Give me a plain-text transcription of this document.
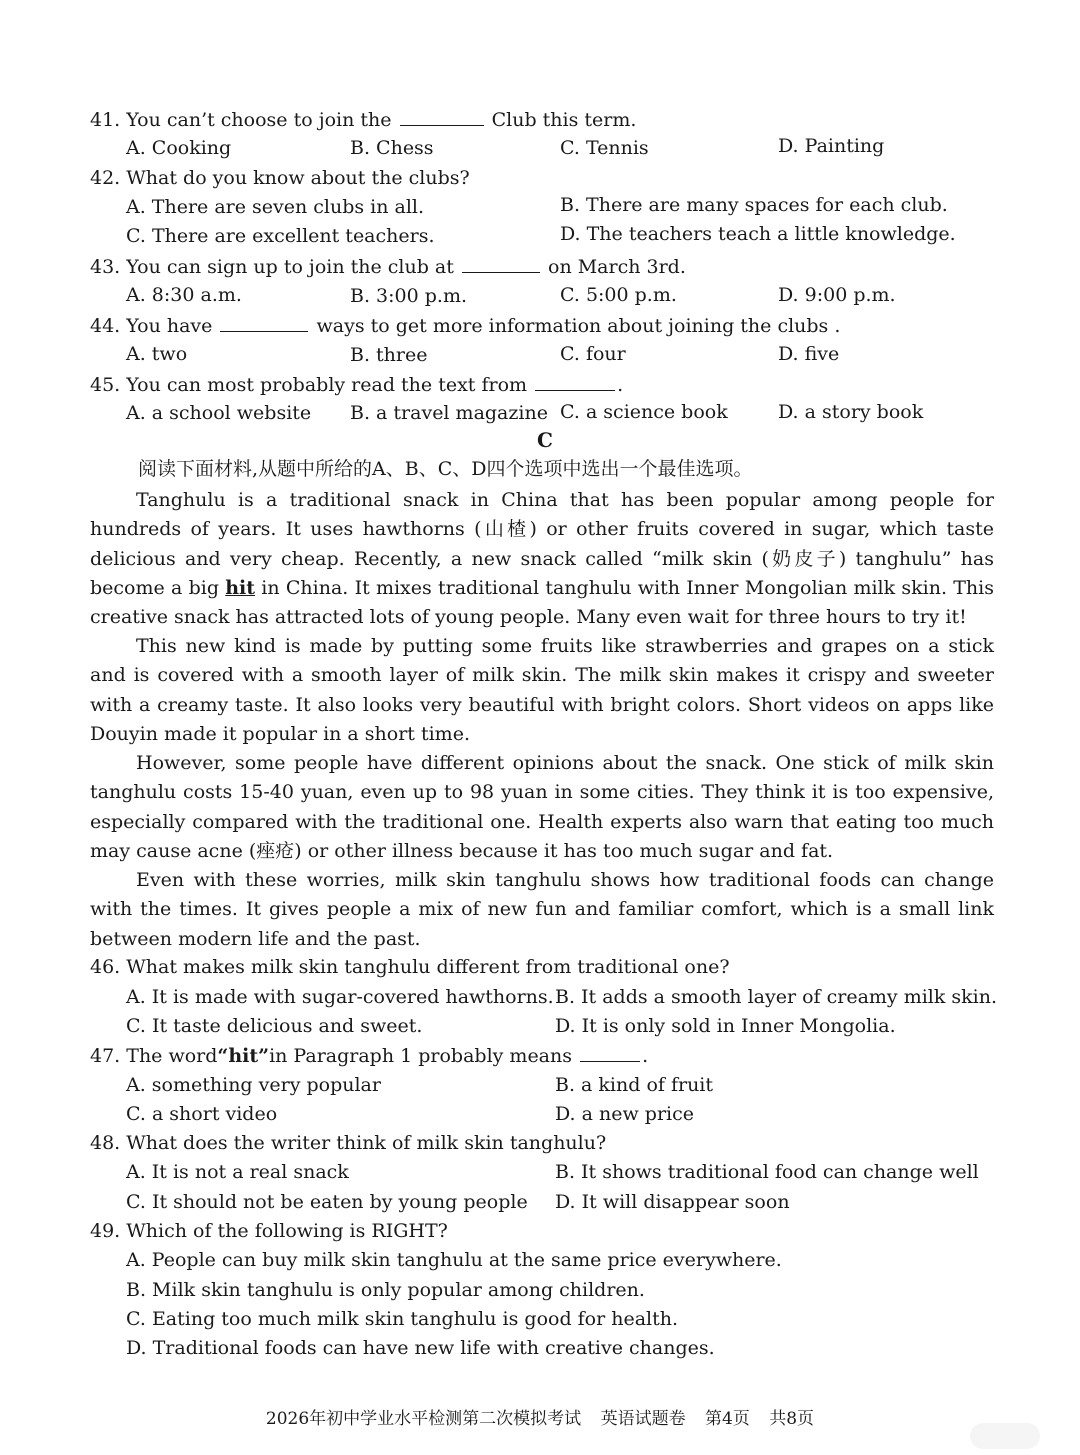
41. You can’t choose to join the	Club this term.
A. Cooking	B. Chess	C. Tennis	D. Painting
42. What do you know about the clubs?
A. There are seven clubs in all.	B. There are many spaces for each club.
C. There are excellent teachers.	D. The teachers teach a little knowledge.
43. You can sign up to join the club at	on March 3rd.
A. 8:30 a.m.	B. 3:00 p.m.	C. 5:00 p.m.	D. 9:00 p.m.
44. You have	ways to get more information about joining the clubs .
A. two	B. three	C. four	D. five
45. You can most probably read the text from	.
A. a school website B. a travel magazine C. a science book	D. a story book
C
阅读下面材料,从题中所给的A、B、C、D四个选项中选出一个最佳选项。
Tanghulu is a traditional snack in China that has been popular among people for hundreds of years. It uses hawthorns (山楂) or other fruits covered in sugar, which taste delicious and very cheap. Recently, a new snack called “milk skin (奶皮子) tanghulu” has become a big hit in China. It mixes traditional tanghulu with Inner Mongolian milk skin. This creative snack has attracted lots of young people. Many even wait for three hours to try it!
This new kind is made by putting some fruits like strawberries and grapes on a stick and is covered with a smooth layer of milk skin. The milk skin makes it crispy and sweeter with a creamy taste. It also looks very beautiful with bright colors. Short videos on apps like Douyin made it popular in a short time.
However, some people have different opinions about the snack. One stick of milk skin tanghulu costs 15-40 yuan, even up to 98 yuan in some cities. They think it is too expensive, especially compared with the traditional one. Health experts also warn that eating too much may cause acne (痤疮) or other illness because it has too much sugar and fat.
Even with these worries, milk skin tanghulu shows how traditional foods can change with the times. It gives people a mix of new fun and familiar comfort, which is a small link between modern life and the past.
46. What makes milk skin tanghulu different from traditional one?
A. It is made with sugar-covered hawthorns. B. It adds a smooth layer of creamy milk skin.
C. It taste delicious and sweet.	D. It is only sold in Inner Mongolia.
47. The word“hit”in Paragraph 1 probably means	.
A. something very popular	B. a kind of fruit
C. a short video	D. a new price
48. What does the writer think of milk skin tanghulu?
A. It is not a real snack	B. It shows traditional food can change well
C. It should not be eaten by young people D. It will disappear soon
49. Which of the following is RIGHT?
A. People can buy milk skin tanghulu at the same price everywhere.
B. Milk skin tanghulu is only popular among children.
C. Eating too much milk skin tanghulu is good for health.
D. Traditional foods can have new life with creative changes.
2026年初中学业水平检测第二次模拟考试 英语试题卷 第4页 共8页
